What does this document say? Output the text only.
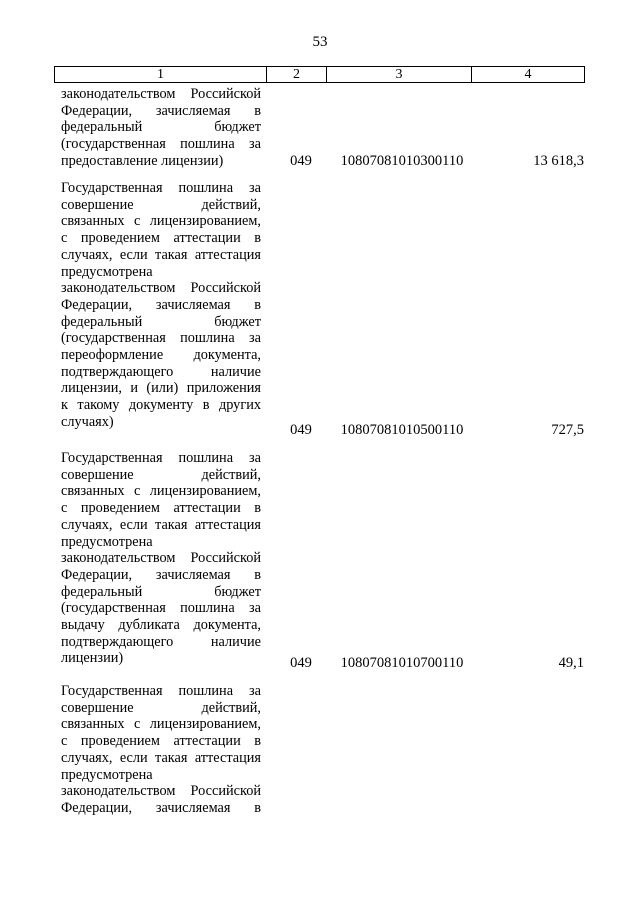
53
1	2	3	4
законодательством Российской
Федерации, зачисляемая в
федеральный бюджет
(государственная пошлина за
предоставление лицензии)	049	10807081010300110	13 618,3
Государственная пошлина за
совершение действий,
связанных с лицензированием,
с проведением аттестации в
случаях, если такая аттестация
предусмотрена
законодательством Российской
Федерации, зачисляемая в
федеральный бюджет
(государственная пошлина за
переоформление документа,
подтверждающего наличие
лицензии, и (или) приложения
к такому документу в других
случаях)
049	10807081010500110	727,5
Государственная пошлина за
совершение действий,
связанных с лицензированием,
с проведением аттестации в
случаях, если такая аттестация
предусмотрена
законодательством Российской
Федерации, зачисляемая в
федеральный бюджет
(государственная пошлина за
выдачу дубликата документа,
подтверждающего наличие
лицензии)	049	10807081010700110	49,1
Государственная пошлина за
совершение действий,
связанных с лицензированием,
с проведением аттестации в
случаях, если такая аттестация
предусмотрена
законодательством Российской
Федерации, зачисляемая в
